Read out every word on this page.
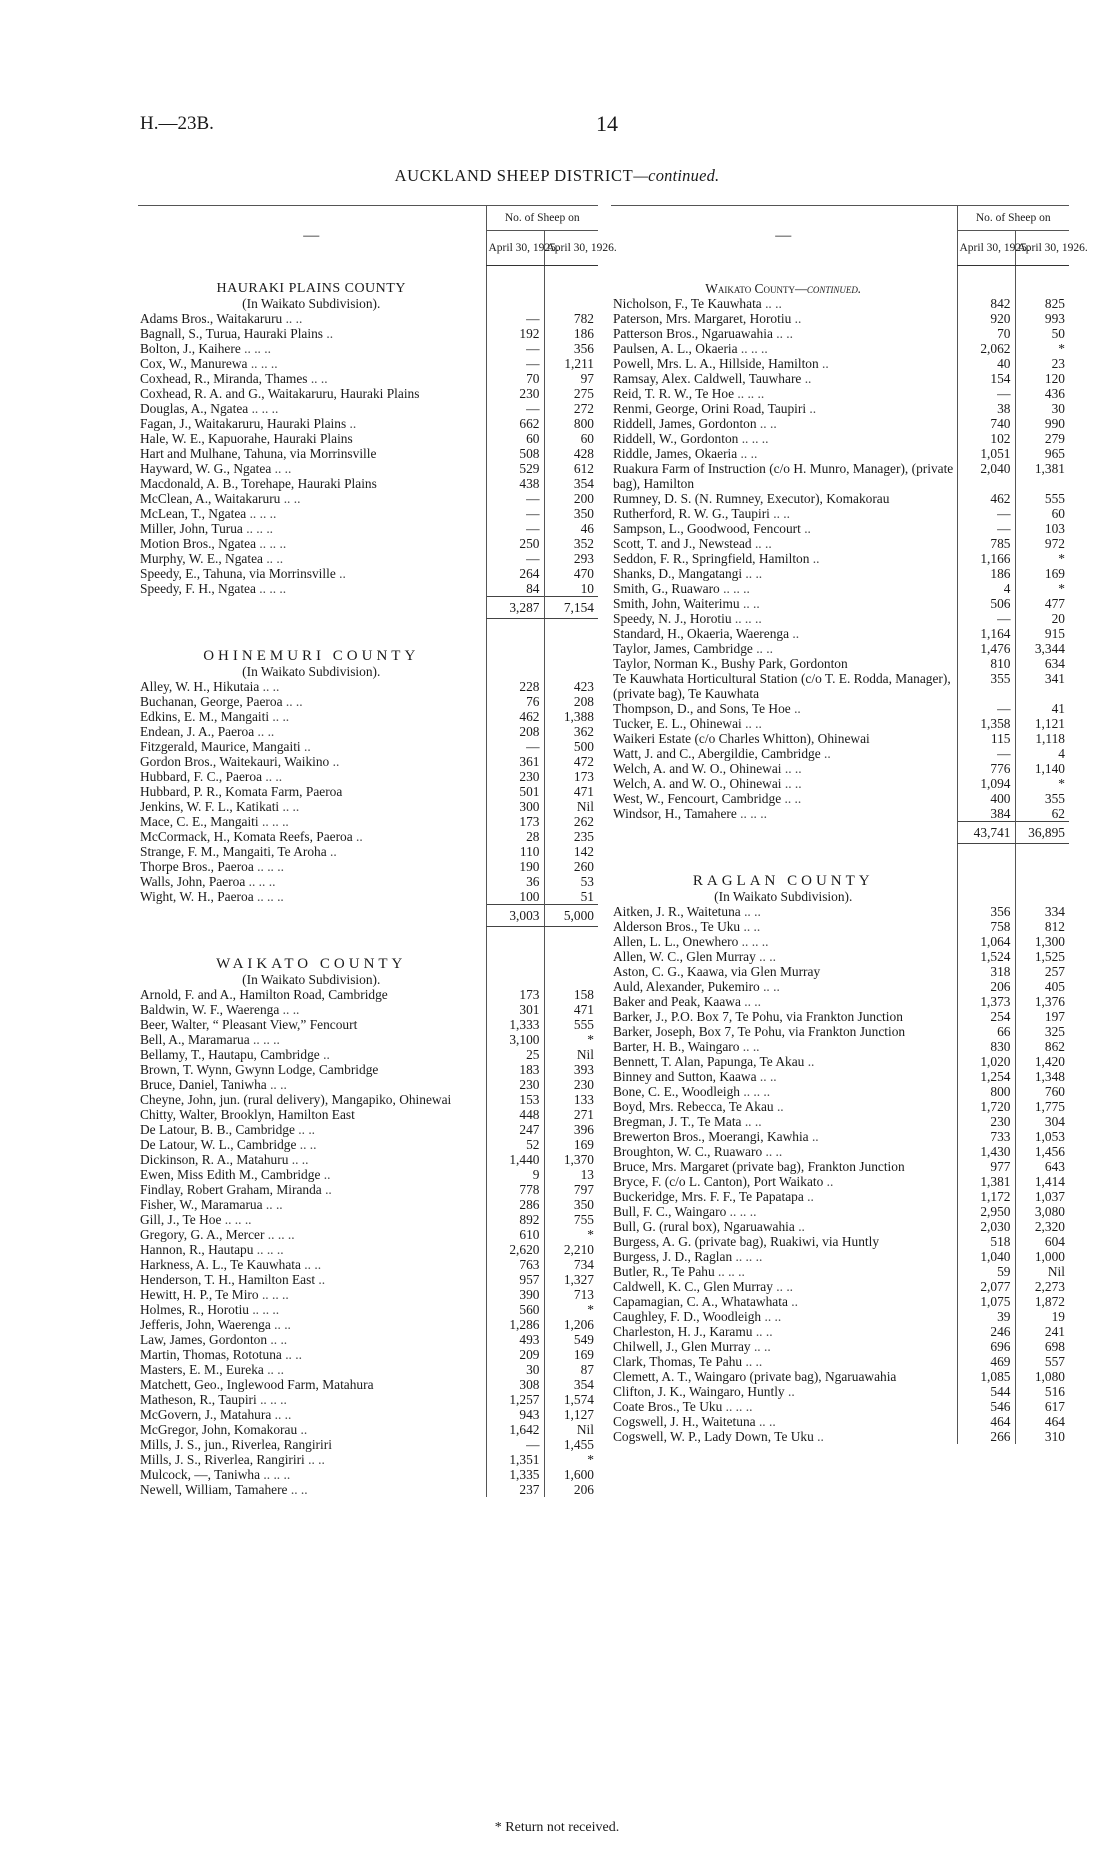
H.—23B.	14
AUCKLAND SHEEP DISTRICT—continued.
—	No. of Sheep on	
	April 30, 1925.	April 30, 1926.

HAURAKI PLAINS COUNTY		
(In Waikato Subdivision).		
Adams Bros., Waitakaruru .. ..	—	782
Bagnall, S., Turua, Hauraki Plains ..	192	186
Bolton, J., Kaihere .. .. ..	—	356
Cox, W., Manurewa .. .. ..	—	1,211
Coxhead, R., Miranda, Thames .. ..	70	97
Coxhead, R. A. and G., Waitakaruru, Hauraki Plains	230	275
Douglas, A., Ngatea .. .. ..	—	272
Fagan, J., Waitakaruru, Hauraki Plains ..	662	800
Hale, W. E., Kapuorahe, Hauraki Plains	60	60
Hart and Mulhane, Tahuna, via Morrinsville	508	428
Hayward, W. G., Ngatea .. ..	529	612
Macdonald, A. B., Torehape, Hauraki Plains	438	354
McClean, A., Waitakaruru .. ..	—	200
McLean, T., Ngatea .. .. ..	—	350
Miller, John, Turua .. .. ..	—	46
Motion Bros., Ngatea .. .. ..	250	352
Murphy, W. E., Ngatea .. ..	—	293
Speedy, E., Tahuna, via Morrinsville ..	264	470
Speedy, F. H., Ngatea .. .. ..	84	10
	3,287	7,154

OHINEMURI COUNTY		
(In Waikato Subdivision).		
Alley, W. H., Hikutaia .. ..	228	423
Buchanan, George, Paeroa .. ..	76	208
Edkins, E. M., Mangaiti .. ..	462	1,388
Endean, J. A., Paeroa .. ..	208	362
Fitzgerald, Maurice, Mangaiti ..	—	500
Gordon Bros., Waitekauri, Waikino ..	361	472
Hubbard, F. C., Paeroa .. ..	230	173
Hubbard, P. R., Komata Farm, Paeroa	501	471
Jenkins, W. F. L., Katikati .. ..	300	Nil
Mace, C. E., Mangaiti .. .. ..	173	262
McCormack, H., Komata Reefs, Paeroa ..	28	235
Strange, F. M., Mangaiti, Te Aroha ..	110	142
Thorpe Bros., Paeroa .. .. ..	190	260
Walls, John, Paeroa .. .. ..	36	53
Wight, W. H., Paeroa .. .. ..	100	51
	3,003	5,000

WAIKATO COUNTY		
(In Waikato Subdivision).		
Arnold, F. and A., Hamilton Road, Cambridge	173	158
Baldwin, W. F., Waerenga .. ..	301	471
Beer, Walter, “ Pleasant View,” Fencourt	1,333	555
Bell, A., Maramarua .. .. ..	3,100	*
Bellamy, T., Hautapu, Cambridge ..	25	Nil
Brown, T. Wynn, Gwynn Lodge, Cambridge	183	393
Bruce, Daniel, Taniwha .. ..	230	230
Cheyne, John, jun. (rural delivery), Mangapiko, Ohinewai	153	133
Chitty, Walter, Brooklyn, Hamilton East	448	271
De Latour, B. B., Cambridge .. ..	247	396
De Latour, W. L., Cambridge .. ..	52	169
Dickinson, R. A., Matahuru .. ..	1,440	1,370
Ewen, Miss Edith M., Cambridge ..	9	13
Findlay, Robert Graham, Miranda ..	778	797
Fisher, W., Maramarua .. ..	286	350
Gill, J., Te Hoe .. .. ..	892	755
Gregory, G. A., Mercer .. .. ..	610	*
Hannon, R., Hautapu .. .. ..	2,620	2,210
Harkness, A. L., Te Kauwhata .. ..	763	734
Henderson, T. H., Hamilton East ..	957	1,327
Hewitt, H. P., Te Miro .. .. ..	390	713
Holmes, R., Horotiu .. .. ..	560	*
Jefferis, John, Waerenga .. ..	1,286	1,206
Law, James, Gordonton .. ..	493	549
Martin, Thomas, Rototuna .. ..	209	169
Masters, E. M., Eureka .. ..	30	87
Matchett, Geo., Inglewood Farm, Matahura	308	354
Matheson, R., Taupiri .. .. ..	1,257	1,574
McGovern, J., Matahura .. ..	943	1,127
McGregor, John, Komakorau ..	1,642	Nil
Mills, J. S., jun., Riverlea, Rangiriri	—	1,455
Mills, J. S., Riverlea, Rangiriri .. ..	1,351	*
Mulcock, —, Taniwha .. .. ..	1,335	1,600
Newell, William, Tamahere .. ..	237	206
—	No. of Sheep on	
	April 30, 1925.	April 30, 1926.

Waikato County—continued.		
Nicholson, F., Te Kauwhata .. ..	842	825
Paterson, Mrs. Margaret, Horotiu ..	920	993
Patterson Bros., Ngaruawahia .. ..	70	50
Paulsen, A. L., Okaeria .. .. ..	2,062	*
Powell, Mrs. L. A., Hillside, Hamilton ..	40	23
Ramsay, Alex. Caldwell, Tauwhare ..	154	120
Reid, T. R. W., Te Hoe .. .. ..	—	436
Renmi, George, Orini Road, Taupiri ..	38	30
Riddell, James, Gordonton .. ..	740	990
Riddell, W., Gordonton .. .. ..	102	279
Riddle, James, Okaeria .. ..	1,051	965
Ruakura Farm of Instruction (c/o H. Munro, Manager), (private bag), Hamilton	2,040	1,381
Rumney, D. S. (N. Rumney, Executor), Komakorau	462	555
Rutherford, R. W. G., Taupiri .. ..	—	60
Sampson, L., Goodwood, Fencourt ..	—	103
Scott, T. and J., Newstead .. ..	785	972
Seddon, F. R., Springfield, Hamilton ..	1,166	*
Shanks, D., Mangatangi .. ..	186	169
Smith, G., Ruawaro .. .. ..	4	*
Smith, John, Waiterimu .. ..	506	477
Speedy, N. J., Horotiu .. .. ..	—	20
Standard, H., Okaeria, Waerenga ..	1,164	915
Taylor, James, Cambridge .. ..	1,476	3,344
Taylor, Norman K., Bushy Park, Gordonton	810	634
Te Kauwhata Horticultural Station (c/o T. E. Rodda, Manager), (private bag), Te Kauwhata	355	341
Thompson, D., and Sons, Te Hoe ..	—	41
Tucker, E. L., Ohinewai .. ..	1,358	1,121
Waikeri Estate (c/o Charles Whitton), Ohinewai	115	1,118
Watt, J. and C., Abergildie, Cambridge ..	—	4
Welch, A. and W. O., Ohinewai .. ..	776	1,140
Welch, A. and W. O., Ohinewai .. ..	1,094	*
West, W., Fencourt, Cambridge .. ..	400	355
Windsor, H., Tamahere .. .. ..	384	62
	43,741	36,895

RAGLAN COUNTY		
(In Waikato Subdivision).		
Aitken, J. R., Waitetuna .. ..	356	334
Alderson Bros., Te Uku .. ..	758	812
Allen, L. L., Onewhero .. .. ..	1,064	1,300
Allen, W. C., Glen Murray .. ..	1,524	1,525
Aston, C. G., Kaawa, via Glen Murray	318	257
Auld, Alexander, Pukemiro .. ..	206	405
Baker and Peak, Kaawa .. ..	1,373	1,376
Barker, J., P.O. Box 7, Te Pohu, via Frankton Junction	254	197
Barker, Joseph, Box 7, Te Pohu, via Frankton Junction	66	325
Barter, H. B., Waingaro .. ..	830	862
Bennett, T. Alan, Papunga, Te Akau ..	1,020	1,420
Binney and Sutton, Kaawa .. ..	1,254	1,348
Bone, C. E., Woodleigh .. .. ..	800	760
Boyd, Mrs. Rebecca, Te Akau ..	1,720	1,775
Bregman, J. T., Te Mata .. ..	230	304
Brewerton Bros., Moerangi, Kawhia ..	733	1,053
Broughton, W. C., Ruawaro .. ..	1,430	1,456
Bruce, Mrs. Margaret (private bag), Frankton Junction	977	643
Bryce, F. (c/o L. Canton), Port Waikato ..	1,381	1,414
Buckeridge, Mrs. F. F., Te Papatapa ..	1,172	1,037
Bull, F. C., Waingaro .. .. ..	2,950	3,080
Bull, G. (rural box), Ngaruawahia ..	2,030	2,320
Burgess, A. G. (private bag), Ruakiwi, via Huntly	518	604
Burgess, J. D., Raglan .. .. ..	1,040	1,000
Butler, R., Te Pahu .. .. ..	59	Nil
Caldwell, K. C., Glen Murray .. ..	2,077	2,273
Capamagian, C. A., Whatawhata ..	1,075	1,872
Caughley, F. D., Woodleigh .. ..	39	19
Charleston, H. J., Karamu .. ..	246	241
Chilwell, J., Glen Murray .. ..	696	698
Clark, Thomas, Te Pahu .. ..	469	557
Clemett, A. T., Waingaro (private bag), Ngaruawahia	1,085	1,080
Clifton, J. K., Waingaro, Huntly ..	544	516
Coate Bros., Te Uku .. .. ..	546	617
Cogswell, J. H., Waitetuna .. ..	464	464
Cogswell, W. P., Lady Down, Te Uku ..	266	310
* Return not received.
